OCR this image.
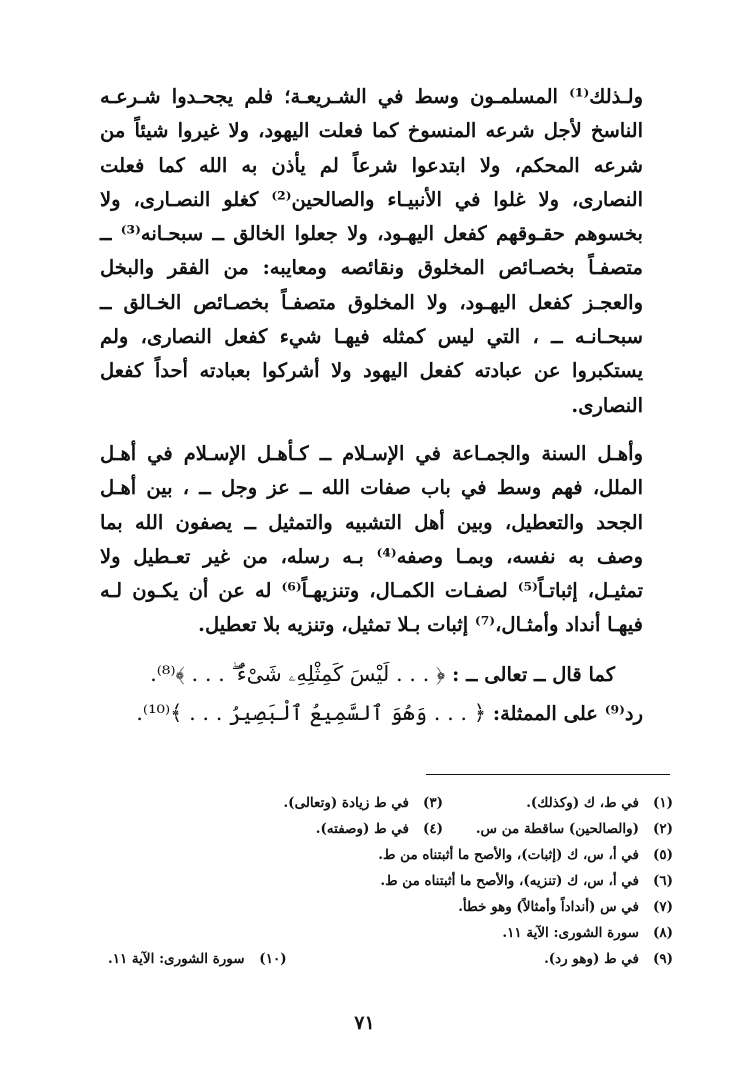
ولـذلك⁽¹⁾ المسلمـون وسط في الشـريعـة؛ فلم يجحـدوا شـرعـه الناسخ لأجل شرعه المنسوخ كما فعلت اليهود، ولا غيروا شيئاً من شرعه المحكم، ولا ابتدعوا شرعاً لم يأذن به الله كما فعلت النصارى، ولا غلوا في الأنبيـاء والصالحين⁽²⁾ كغلو النصـارى، ولا بخسوهم حقـوقهم كفعل اليهـود، ولا جعلوا الخالق ــ سبحـانه⁽³⁾ ــ متصفـاً بخصـائص المخلوق ونقائصه ومعايبه: من الفقر والبخل والعجـز كفعل اليهـود، ولا المخلوق متصفـاً بخصـائص الخـالق ــ سبحـانـه ــ ، التي ليس كمثله فيهـا شيء كفعل النصارى، ولم يستكبروا عن عبادته كفعل اليهود ولا أشركوا بعبادته أحداً كفعل النصارى.

وأهـل السنة والجمـاعة في الإسـلام ــ كـأهـل الإسـلام في أهـل الملل، فهم وسط في باب صفات الله ــ عز وجل ــ ، بين أهـل الجحد والتعطيل، وبين أهل التشبيه والتمثيل ــ يصفون الله بما وصف به نفسه، وبمـا وصفه⁽⁴⁾ بـه رسله، من غير تعـطيل ولا تمثيـل، إثباتـاً⁽⁵⁾ لصفـات الكمـال، وتنزيهـاً⁽⁶⁾ له عن أن يكـون لـه فيهـا أنداد وأمثـال،⁽⁷⁾ إثبات بـلا تمثيل، وتنزيه بلا تعطيل.

كما قال ــ تعالى ــ : ﴿ . . . لَيْسَ كَمِثْلِهِۦ شَىْءٌ ۖ . . . ﴾⁽⁸⁾.
رد⁽⁹⁾ على الممثلة: ﴿ . . . وَهُوَ ٱلسَّمِيعُ ٱلْبَصِيرُ . . . ﴾⁽¹⁰⁾.
(١)في ط، ك (وكذلك).
(٣)في ط زيادة (وتعالى).
(٢)(والصالحين) ساقطة من س.
(٤)في ط (وصفته).
(٥)في أ، س، ك (إثبات)، والأصح ما أثبتناه من ط.
(٦)في أ، س، ك (تنزيه)، والأصح ما أثبتناه من ط.
(٧)في س (أنداداً وأمثالاً) وهو خطأ.
(٨)سورة الشورى: الآية ١١.
(٩)في ط (وهو رد).
(١٠)سورة الشورى: الآية ١١.
٧١
